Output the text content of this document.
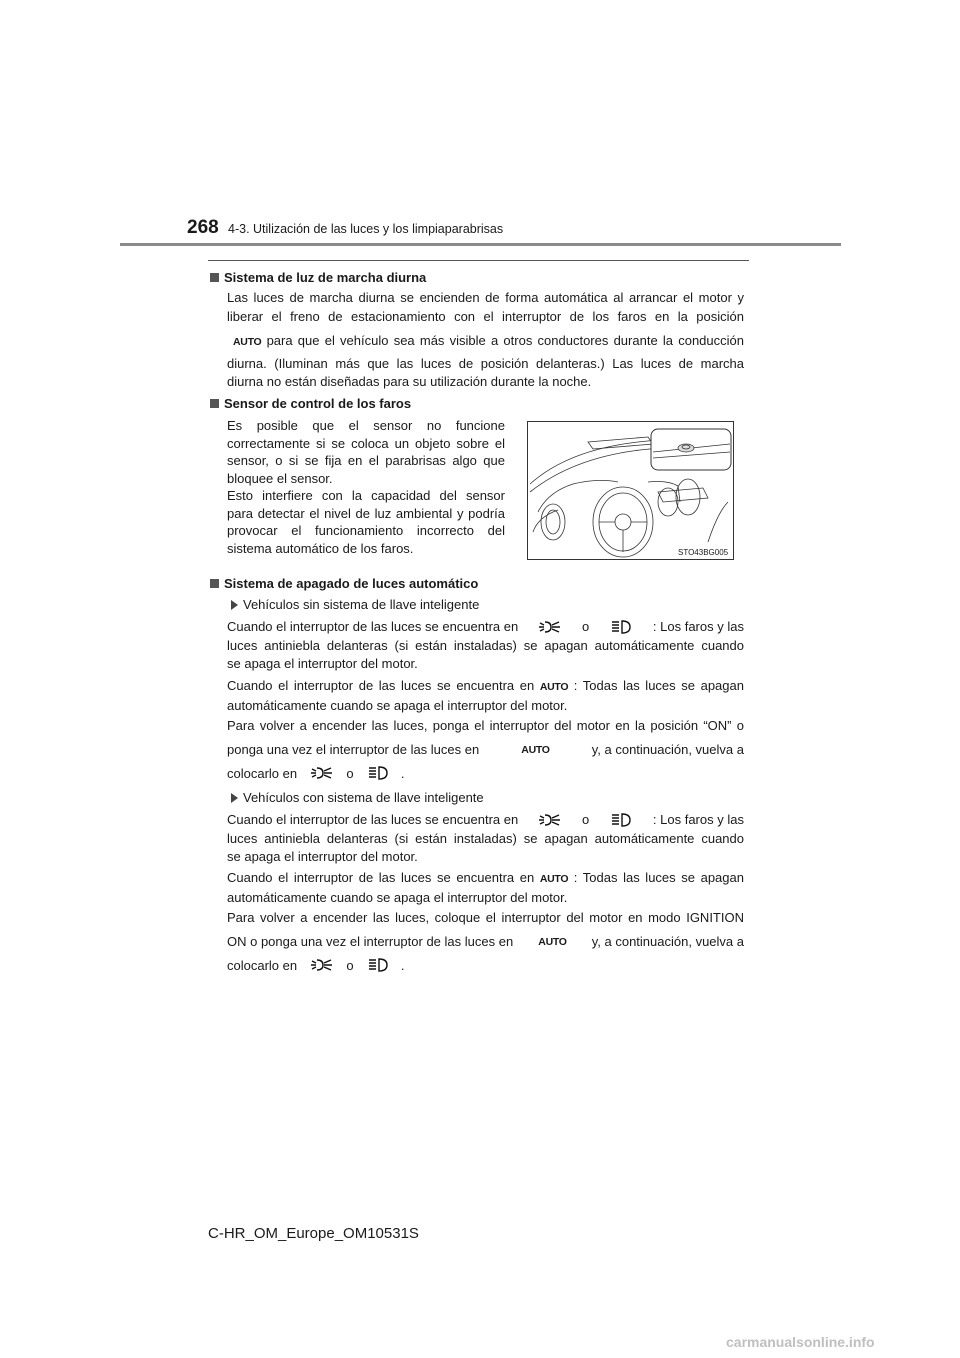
268 4-3. Utilización de las luces y los limpiaparabrisas
Sistema de luz de marcha diurna
Las luces de marcha diurna se encienden de forma automática al arrancar el motor y
liberar el freno de estacionamiento con el interruptor de los faros en la posición
AUTO para que el vehículo sea más visible a otros conductores durante la conducción
diurna. (Iluminan más que las luces de posición delanteras.) Las luces de marcha
diurna no están diseñadas para su utilización durante la noche.
Sensor de control de los faros
Es posible que el sensor no funcione
correctamente si se coloca un objeto sobre el
sensor, o si se fija en el parabrisas algo que
bloquee el sensor.
Esto interfiere con la capacidad del sensor
para detectar el nivel de luz ambiental y podría
provocar el funcionamiento incorrecto del
sistema automático de los faros.	STO43BG005
Sistema de apagado de luces automático
Vehículos sin sistema de llave inteligente
Cuando el interruptor de las luces se encuentra en	o	: Los faros y las
luces antiniebla delanteras (si están instaladas) se apagan automáticamente cuando
se apaga el interruptor del motor.
Cuando el interruptor de las luces se encuentra en AUTO : Todas las luces se apagan
automáticamente cuando se apaga el interruptor del motor.
Para volver a encender las luces, ponga el interruptor del motor en la posición “ON” o
ponga una vez el interruptor de las luces en	AUTO	y, a continuación, vuelva a
colocarlo en	o	.
Vehículos con sistema de llave inteligente
Cuando el interruptor de las luces se encuentra en	o	: Los faros y las
luces antiniebla delanteras (si están instaladas) se apagan automáticamente cuando
se apaga el interruptor del motor.
Cuando el interruptor de las luces se encuentra en AUTO : Todas las luces se apagan
automáticamente cuando se apaga el interruptor del motor.
Para volver a encender las luces, coloque el interruptor del motor en modo IGNITION
ON o ponga una vez el interruptor de las luces en AUTO y, a continuación, vuelva a
colocarlo en	o	.
C-HR_OM_Europe_OM10531S
carmanualsonline.info
